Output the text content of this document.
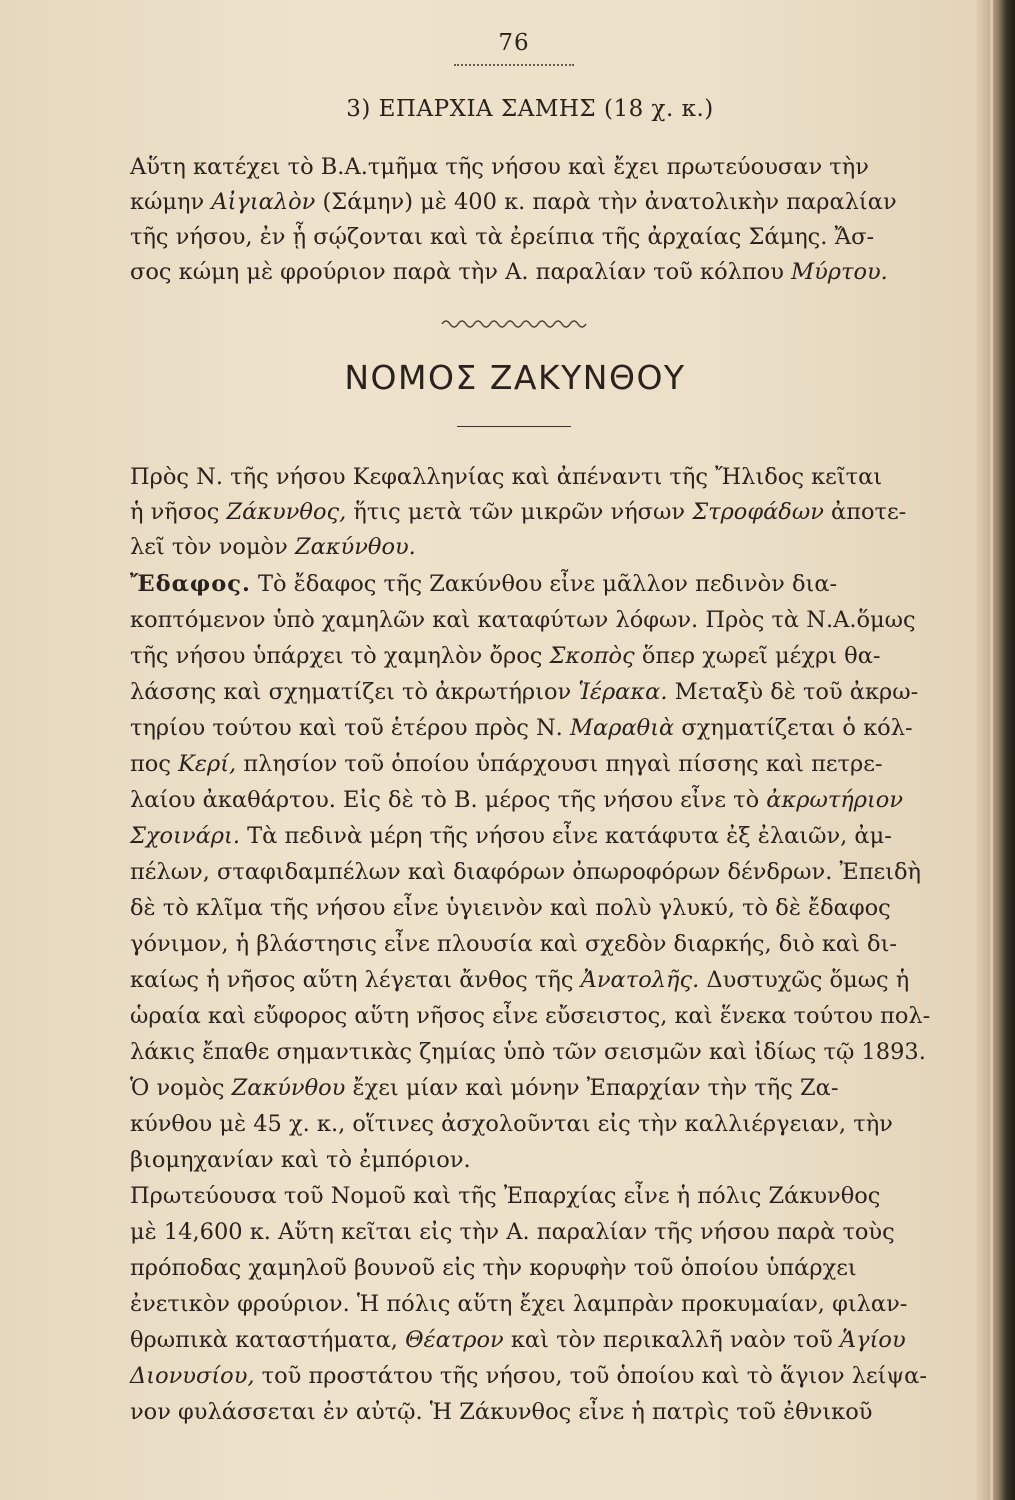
76
3) ΕΠΑΡΧΙΑ ΣΑΜΗΣ (18 χ. κ.)
Αὕτη κατέχει τὸ Β.Α.τμῆμα τῆς νήσου καὶ ἔχει πρωτεύουσαν τὴν
κώμην Αἰγιαλὸν (Σάμην) μὲ 400 κ. παρὰ τὴν ἀνατολικὴν παραλίαν
τῆς νήσου, ἐν ᾗ σῴζονται καὶ τὰ ἐρείπια τῆς ἀρχαίας Σάμης. Ἄσ-
σος κώμη μὲ φρούριον παρὰ τὴν Α. παραλίαν τοῦ κόλπου Μύρτου.
ΝΟΜΟΣ ΖΑΚΥΝΘΟΥ
Πρὸς Ν. τῆς νήσου Κεφαλληνίας καὶ ἀπέναντι τῆς Ἤλιδος κεῖται
ἡ νῆσος Ζάκυνθος, ἥτις μετὰ τῶν μικρῶν νήσων Στροφάδων ἀποτε-
λεῖ τὸν νομὸν Ζακύνθου.
Ἔδαφος. Τὸ ἔδαφος τῆς Ζακύνθου εἶνε μᾶλλον πεδινὸν δια-
κοπτόμενον ὑπὸ χαμηλῶν καὶ καταφύτων λόφων. Πρὸς τὰ Ν.Α.ὅμως
τῆς νήσου ὑπάρχει τὸ χαμηλὸν ὄρος Σκοπὸς ὅπερ χωρεῖ μέχρι θα-
λάσσης καὶ σχηματίζει τὸ ἀκρωτήριον Ἱέρακα. Μεταξὺ δὲ τοῦ ἀκρω-
τηρίου τούτου καὶ τοῦ ἑτέρου πρὸς Ν. Μαραθιὰ σχηματίζεται ὁ κόλ-
πος Κερί, πλησίον τοῦ ὁποίου ὑπάρχουσι πηγαὶ πίσσης καὶ πετρε-
λαίου ἀκαθάρτου. Εἰς δὲ τὸ Β. μέρος τῆς νήσου εἶνε τὸ ἀκρωτήριον
Σχοινάρι. Τὰ πεδινὰ μέρη τῆς νήσου εἶνε κατάφυτα ἐξ ἐλαιῶν, ἀμ-
πέλων, σταφιδαμπέλων καὶ διαφόρων ὀπωροφόρων δένδρων. Ἐπειδὴ
δὲ τὸ κλῖμα τῆς νήσου εἶνε ὑγιεινὸν καὶ πολὺ γλυκύ, τὸ δὲ ἔδαφος
γόνιμον, ἡ βλάστησις εἶνε πλουσία καὶ σχεδὸν διαρκής, διὸ καὶ δι-
καίως ἡ νῆσος αὕτη λέγεται ἄνθος τῆς Ἀνατολῆς. Δυστυχῶς ὅμως ἡ
ὡραία καὶ εὔφορος αὕτη νῆσος εἶνε εὔσειστος, καὶ ἕνεκα τούτου πολ-
λάκις ἔπαθε σημαντικὰς ζημίας ὑπὸ τῶν σεισμῶν καὶ ἰδίως τῷ 1893.
Ὁ νομὸς Ζακύνθου ἔχει μίαν καὶ μόνην Ἐπαρχίαν τὴν τῆς Ζα-
κύνθου μὲ 45 χ. κ., οἵτινες ἀσχολοῦνται εἰς τὴν καλλιέργειαν, τὴν
βιομηχανίαν καὶ τὸ ἐμπόριον.
Πρωτεύουσα τοῦ Νομοῦ καὶ τῆς Ἐπαρχίας εἶνε ἡ πόλις Ζάκυνθος
μὲ 14,600 κ. Αὕτη κεῖται εἰς τὴν Α. παραλίαν τῆς νήσου παρὰ τοὺς
πρόποδας χαμηλοῦ βουνοῦ εἰς τὴν κορυφὴν τοῦ ὁποίου ὑπάρχει
ἐνετικὸν φρούριον. Ἡ πόλις αὕτη ἔχει λαμπρὰν προκυμαίαν, φιλαν-
θρωπικὰ καταστήματα, Θέατρον καὶ τὸν περικαλλῆ ναὸν τοῦ Ἁγίου
Διονυσίου, τοῦ προστάτου τῆς νήσου, τοῦ ὁποίου καὶ τὸ ἅγιον λείψα-
νον φυλάσσεται ἐν αὐτῷ. Ἡ Ζάκυνθος εἶνε ἡ πατρὶς τοῦ ἐθνικοῦ
